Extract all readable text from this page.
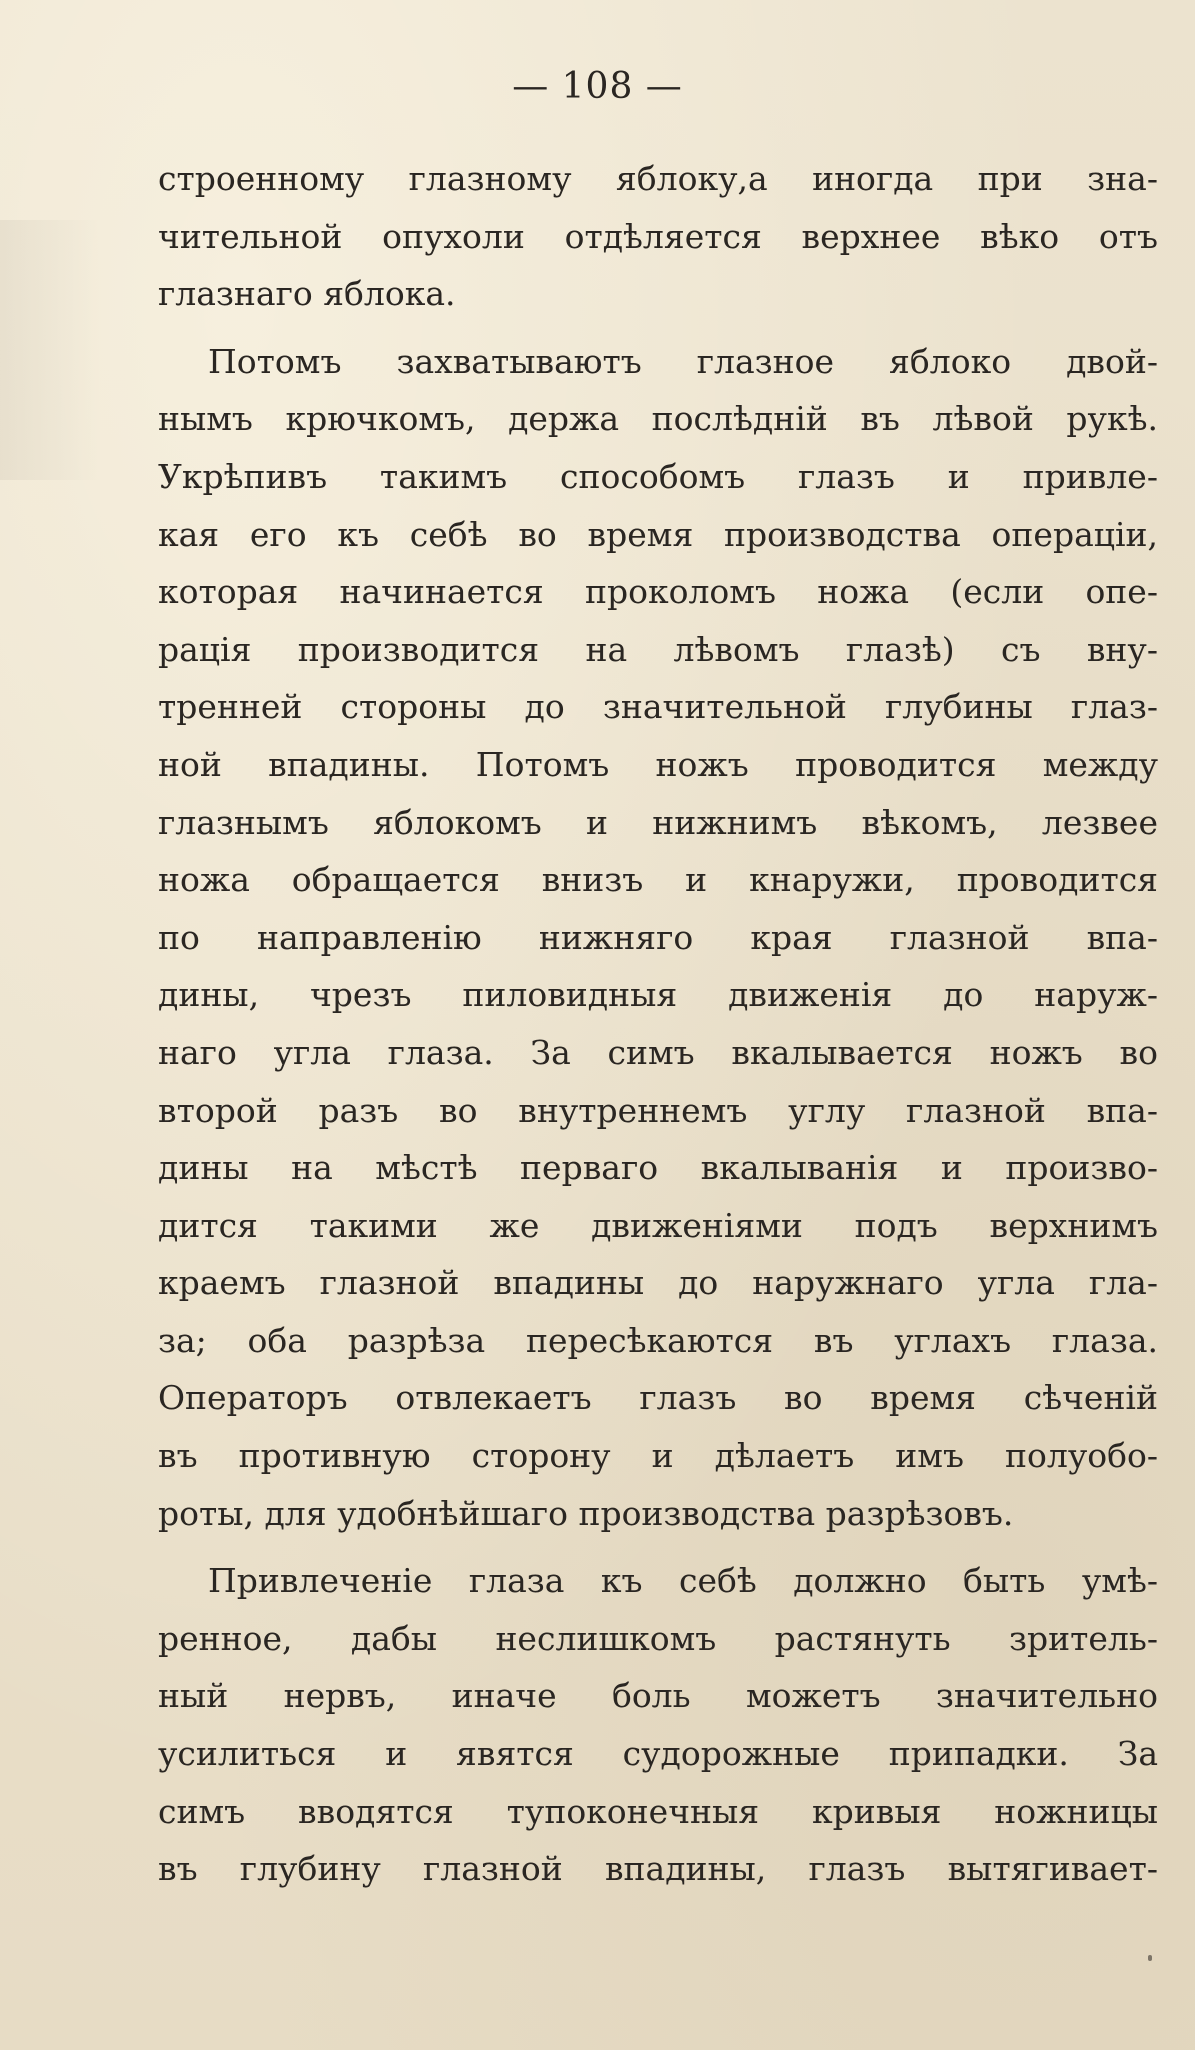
— 108 —
строенному глазному яблоку,а иногда при зна-
чительной опухоли отдѣляется верхнее вѣко отъ
глазнаго яблока.
Потомъ захватываютъ глазное яблоко двой-
нымъ крючкомъ, держа послѣдній въ лѣвой рукѣ.
Укрѣпивъ такимъ способомъ глазъ и привле-
кая его къ себѣ во время производства операціи,
которая начинается проколомъ ножа (если опе-
рація производится на лѣвомъ глазѣ) съ вну-
тренней стороны до значительной глубины глаз-
ной впадины. Потомъ ножъ проводится между
глазнымъ яблокомъ и нижнимъ вѣкомъ, лезвее
ножа обращается внизъ и кнаружи, проводится
по направленію нижняго края глазной впа-
дины, чрезъ пиловидныя движенія до наруж-
наго угла глаза. За симъ вкалывается ножъ во
второй разъ во внутреннемъ углу глазной впа-
дины на мѣстѣ перваго вкалыванія и произво-
дится такими же движеніями подъ верхнимъ
краемъ глазной впадины до наружнаго угла гла-
за; оба разрѣза пересѣкаются въ углахъ глаза.
Операторъ отвлекаетъ глазъ во время сѣченій
въ противную сторону и дѣлаетъ имъ полуобо-
роты, для удобнѣйшаго производства разрѣзовъ.
Привлеченіе глаза къ себѣ должно быть умѣ-
ренное, дабы неслишкомъ растянуть зритель-
ный нервъ, иначе боль можетъ значительно
усилиться и явятся судорожные припадки. За
симъ вводятся тупоконечныя кривыя ножницы
въ глубину глазной впадины, глазъ вытягивает-
